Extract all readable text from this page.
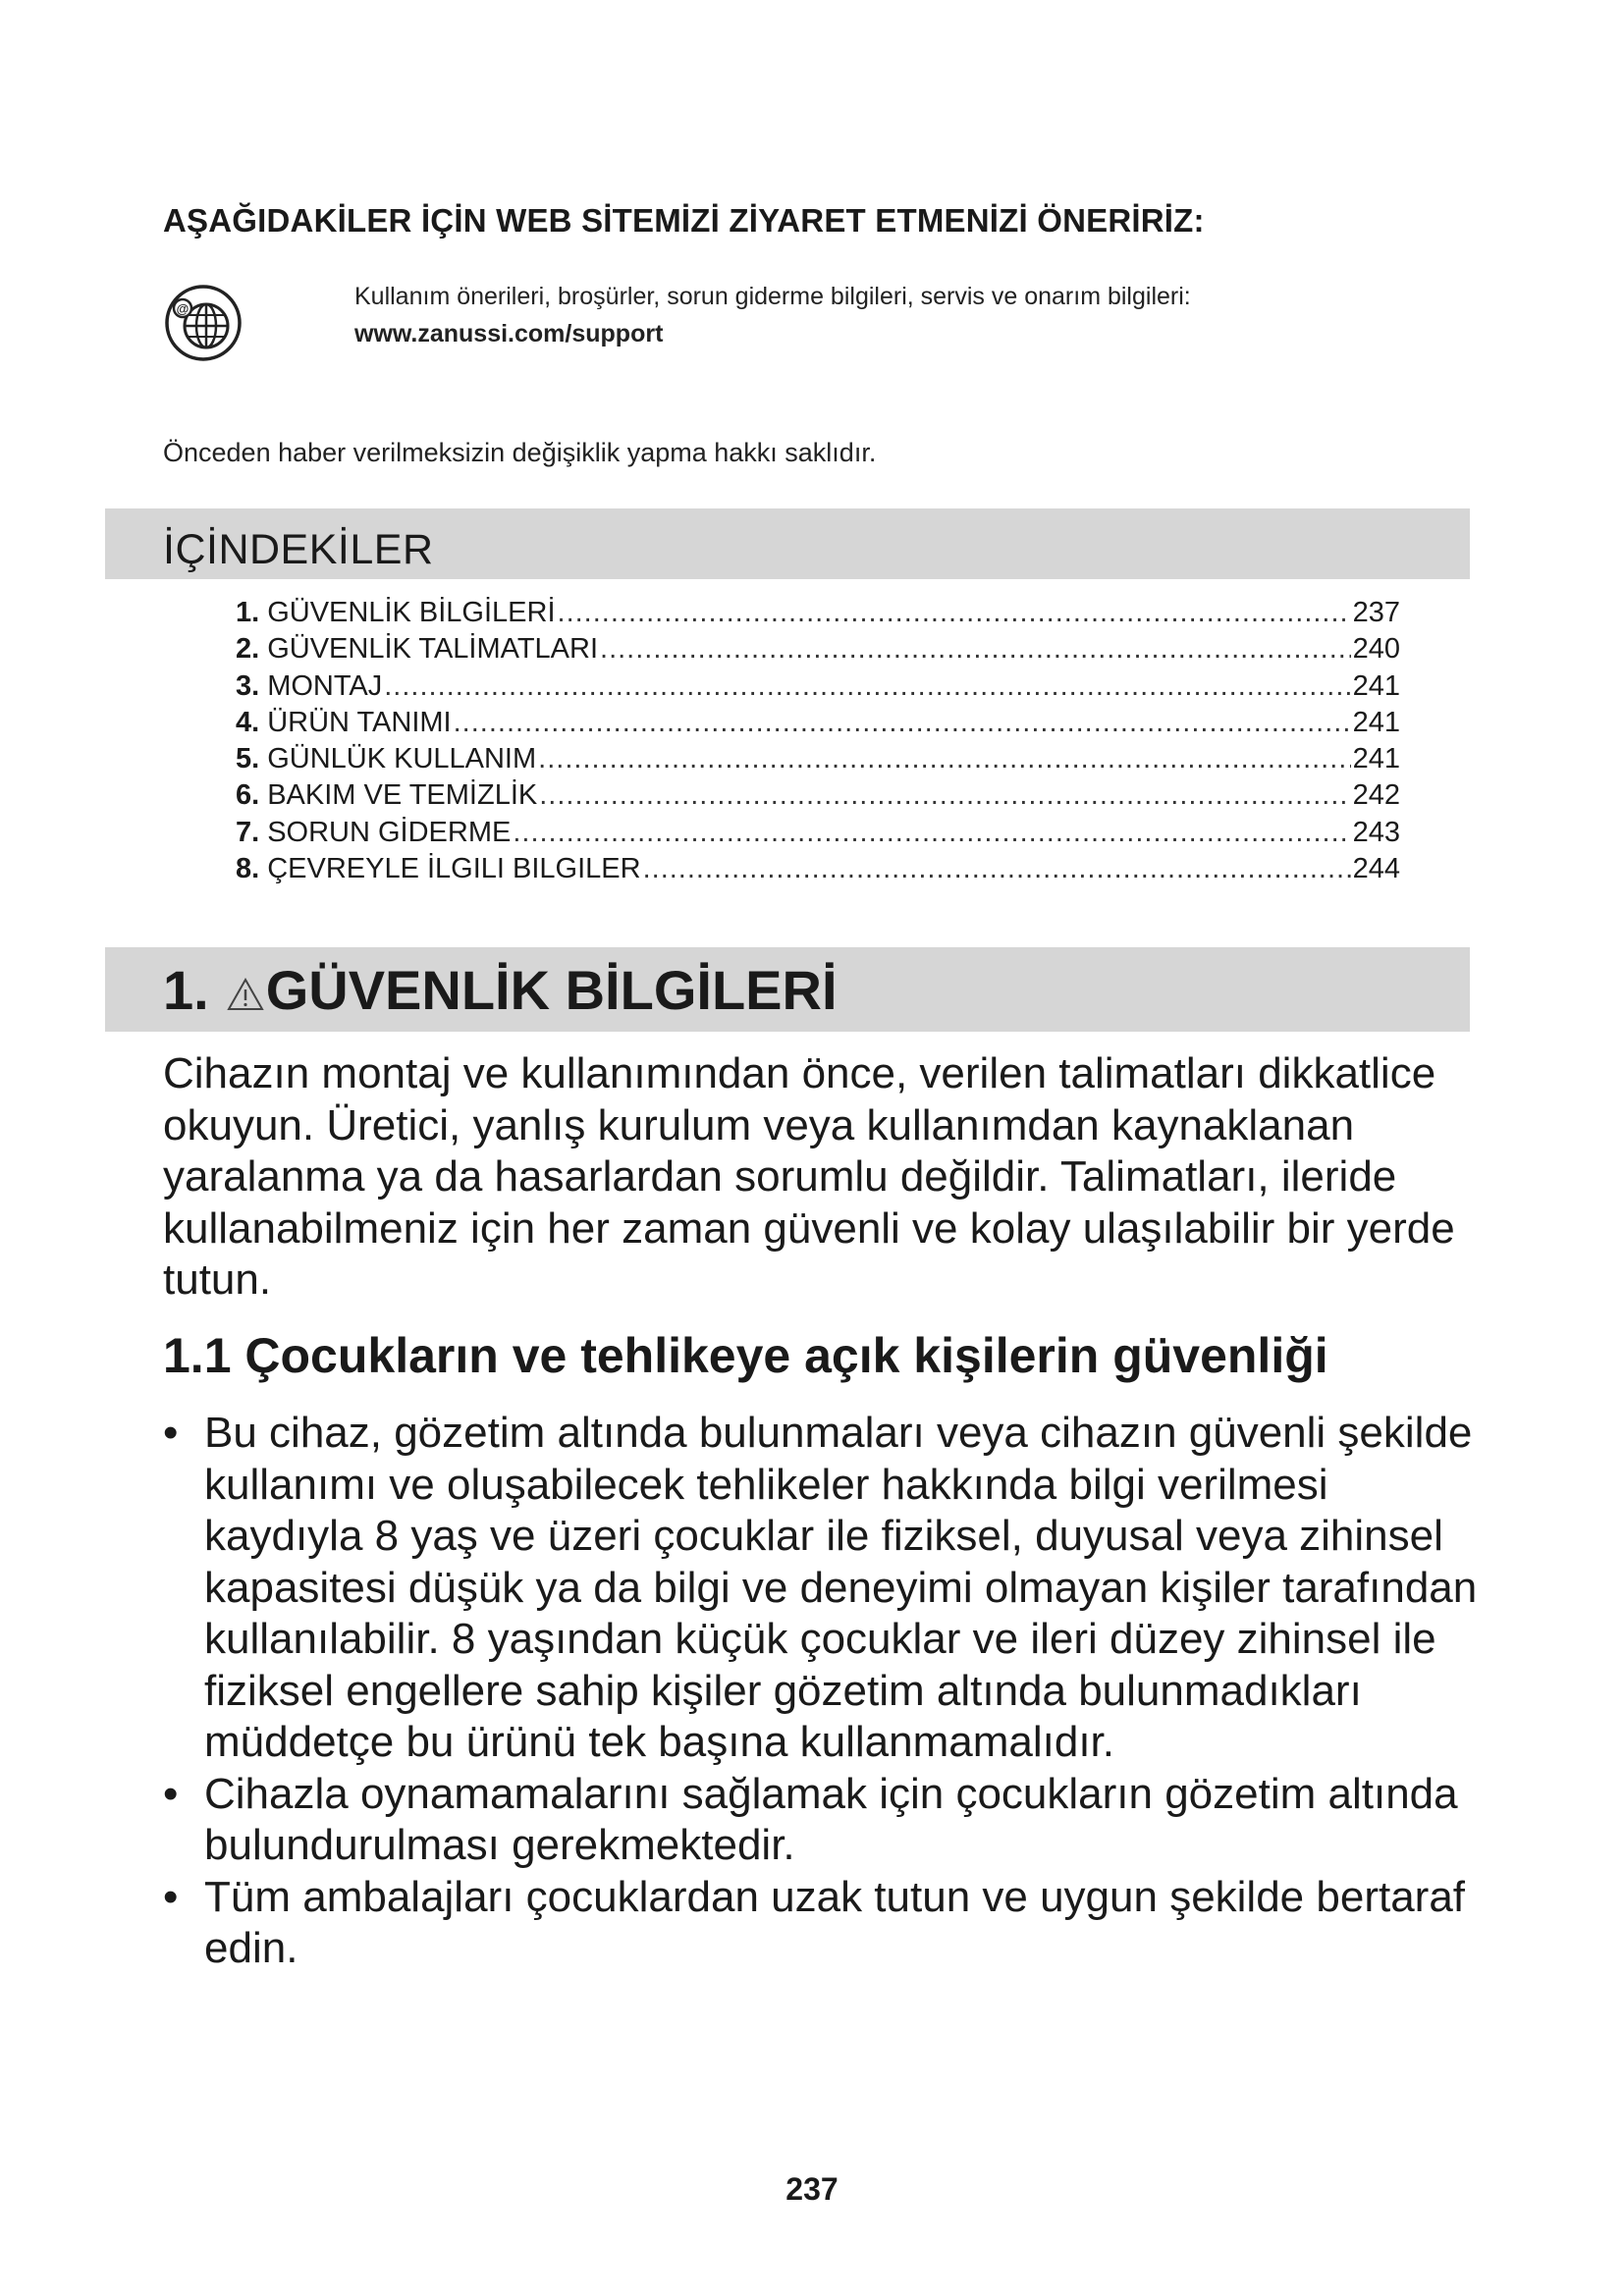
AŞAĞIDAKİLER İÇİN WEB SİTEMİZİ ZİYARET ETMENİZİ ÖNERİRİZ:
@	Kullanım önerileri, broşürler, sorun giderme bilgileri, servis ve onarım bilgileri:
www.zanussi.com/support
Önceden haber verilmeksizin değişiklik yapma hakkı saklıdır.
İÇİNDEKİLER
1. GÜVENLİK BİLGİLERİ .....	237
2. GÜVENLİK TALİMATLARI .....	240
3. MONTAJ .....	241
4. ÜRÜN TANIMI .....	241
5. GÜNLÜK KULLANIM .....	241
6. BAKIM VE TEMİZLİK .....	242
7. SORUN GİDERME .....	243
8. ÇEVREYLE İLGILI BILGILER .....	244
1. GÜVENLİK BİLGİLERİ
Cihazın montaj ve kullanımından önce, verilen talimatları dikkatlice okuyun. Üretici, yanlış kurulum veya kullanımdan kaynaklanan yaralanma ya da hasarlardan sorumlu değildir. Talimatları, ileride kullanabilmeniz için her zaman güvenli ve kolay ulaşılabilir bir yerde tutun.
1.1 Çocukların ve tehlikeye açık kişilerin güvenliği
• Bu cihaz, gözetim altında bulunmaları veya cihazın güvenli şekilde kullanımı ve oluşabilecek tehlikeler hakkında bilgi verilmesi kaydıyla 8 yaş ve üzeri çocuklar ile fiziksel, duyusal veya zihinsel kapasitesi düşük ya da bilgi ve deneyimi olmayan kişiler tarafından kullanılabilir. 8 yaşından küçük çocuklar ve ileri düzey zihinsel ile fiziksel engellere sahip kişiler gözetim altında bulunmadıkları müddetçe bu ürünü tek başına kullanmamalıdır.
• Cihazla oynamamalarını sağlamak için çocukların gözetim altında bulundurulması gerekmektedir.
• Tüm ambalajları çocuklardan uzak tutun ve uygun şekilde bertaraf edin.
237
